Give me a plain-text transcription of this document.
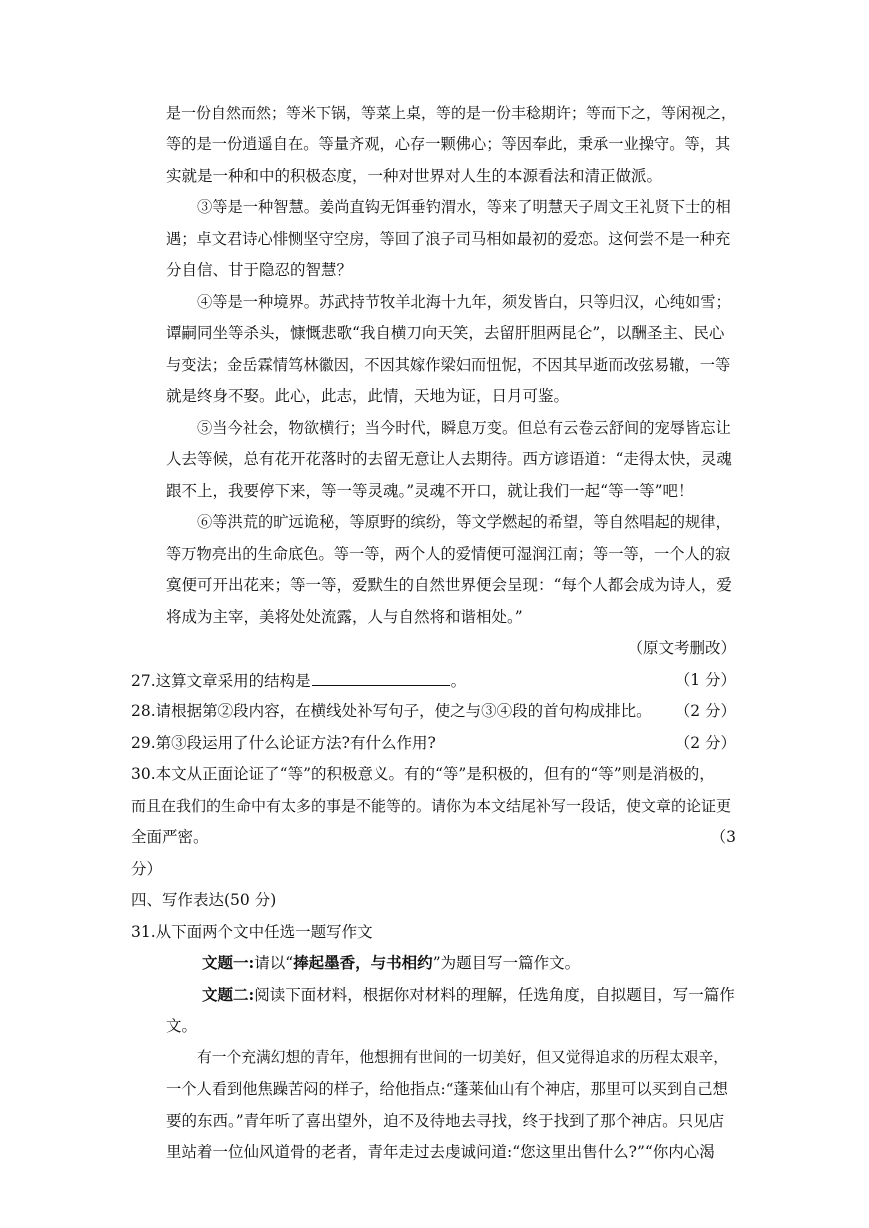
是一份自然而然；等米下锅，等菜上桌，等的是一份丰稔期许；等而下之，等闲视之，
等的是一份逍遥自在。等量齐观，心存一颗佛心；等因奉此，秉承一业操守。等，其
实就是一种和中的积极态度，一种对世界对人生的本源看法和清正做派。
③等是一种智慧。姜尚直钩无饵垂钓渭水，等来了明慧天子周文王礼贤下士的相
遇；卓文君诗心悱恻坚守空房，等回了浪子司马相如最初的爱恋。这何尝不是一种充
分自信、甘于隐忍的智慧？
④等是一种境界。苏武持节牧羊北海十九年，须发皆白，只等归汉，心纯如雪；
谭嗣同坐等杀头，慷慨悲歌“我自横刀向天笑，去留肝胆两昆仑”，以酬圣主、民心
与变法；金岳霖情笃林徽因，不因其嫁作梁妇而忸怩，不因其早逝而改弦易辙，一等
就是终身不娶。此心，此志，此情，天地为证，日月可鉴。
⑤当今社会，物欲横行；当今时代，瞬息万变。但总有云卷云舒间的宠辱皆忘让
人去等候，总有花开花落时的去留无意让人去期待。西方谚语道：“走得太快，灵魂
跟不上，我要停下来，等一等灵魂。”灵魂不开口，就让我们一起“等一等”吧！
⑥等洪荒的旷远诡秘，等原野的缤纷，等文学燃起的希望，等自然唱起的规律，
等万物亮出的生命底色。等一等，两个人的爱情便可湿润江南；等一等，一个人的寂
寞便可开出花来；等一等，爱默生的自然世界便会呈现：“每个人都会成为诗人，爱
将成为主宰，美将处处流露，人与自然将和谐相处。”
（原文考删改）
27.这算文章采用的结构是	。	（1 分）
28.请根据第②段内容，在横线处补写句子，使之与③④段的首句构成排比。	（2 分）
29.第③段运用了什么论证方法?有什么作用?	（2 分）
30.本文从正面论证了“等”的积极意义。有的“等”是积极的，但有的“等”则是消极的，
而且在我们的生命中有太多的事是不能等的。请你为本文结尾补写一段话，使文章的论证更
全面严密。	（3
分）
四、写作表达(50 分)
31.从下面两个文中任选一题写作文
文题一:请以“捧起墨香，与书相约”为题目写一篇作文。
文题二:阅读下面材料，根据你对材料的理解，任选角度，自拟题目，写一篇作
文。
有一个充满幻想的青年，他想拥有世间的一切美好，但又觉得追求的历程太艰辛，
一个人看到他焦躁苦闷的样子，给他指点:“蓬莱仙山有个神店，那里可以买到自己想
要的东西。”青年听了喜出望外，迫不及待地去寻找，终于找到了那个神店。只见店
里站着一位仙风道骨的老者，青年走过去虔诚问道:“您这里出售什么?”“你内心渴
